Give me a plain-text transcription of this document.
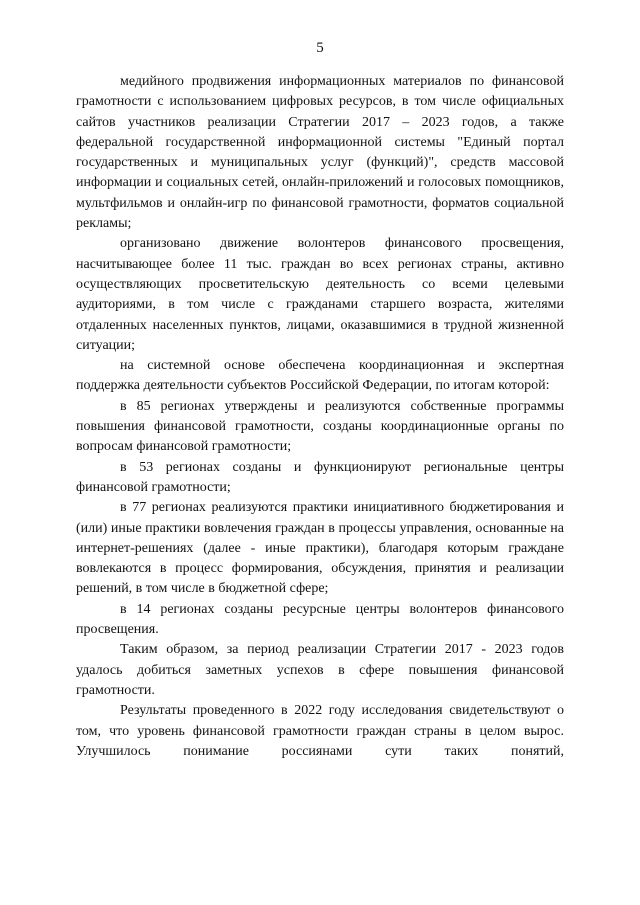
5

медийного продвижения информационных материалов по финансовой грамотности с использованием цифровых ресурсов, в том числе официальных сайтов участников реализации Стратегии 2017 – 2023 годов, а также федеральной государственной информационной системы "Единый портал государственных и муниципальных услуг (функций)", средств массовой информации и социальных сетей, онлайн-приложений и голосовых помощников, мультфильмов и онлайн-игр по финансовой грамотности, форматов социальной рекламы;

организовано движение волонтеров финансового просвещения, насчитывающее более 11 тыс. граждан во всех регионах страны, активно осуществляющих просветительскую деятельность со всеми целевыми аудиториями, в том числе с гражданами старшего возраста, жителями отдаленных населенных пунктов, лицами, оказавшимися в трудной жизненной ситуации;

на системной основе обеспечена координационная и экспертная поддержка деятельности субъектов Российской Федерации, по итогам которой:

в 85 регионах утверждены и реализуются собственные программы повышения финансовой грамотности, созданы координационные органы по вопросам финансовой грамотности;

в 53 регионах созданы и функционируют региональные центры финансовой грамотности;

в 77 регионах реализуются практики инициативного бюджетирования и (или) иные практики вовлечения граждан в процессы управления, основанные на интернет-решениях (далее - иные практики), благодаря которым граждане вовлекаются в процесс формирования, обсуждения, принятия и реализации решений, в том числе в бюджетной сфере;

в 14 регионах созданы ресурсные центры волонтеров финансового просвещения.

Таким образом, за период реализации Стратегии 2017 - 2023 годов удалось добиться заметных успехов в сфере повышения финансовой грамотности.

Результаты проведенного в 2022 году исследования свидетельствуют о том, что уровень финансовой грамотности граждан страны в целом вырос. Улучшилось понимание россиянами сути таких понятий,
